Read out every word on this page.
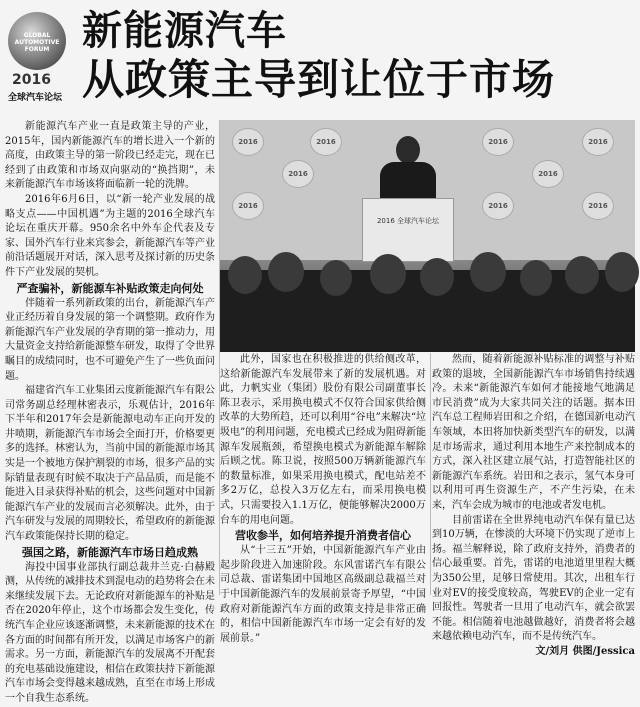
GLOBAL AUTOMOTIVE FORUM
2016
全球汽车论坛
新能源汽车
从政策主导到让位于市场

新能源汽车产业一直是政策主导的产业，2015年，国内新能源汽车的增长进入一个新的高度，由政策主导的第一阶段已经走完，现在已经到了由政策和市场双向驱动的“换挡期”，未来新能源汽车市场该将面临新一轮的洗牌。

2016年6月6日，以“新一轮产业发展的战略支点——中国机遇”为主题的2016全球汽车论坛在重庆开幕。950余名中外车企代表及专家、国外汽车行业来宾参会，新能源汽车等产业前沿话题展开对话，深入思考及探讨新的历史条件下产业发展的契机。

严查骗补，新能源车补贴政策走向何处

伴随着一系列新政策的出台，新能源汽车产业正经历着自身发展的第一个调整期。政府作为新能源汽车产业发展的孕育期的第一推动力，用大量资金支持给新能源整车研发，取得了令世界瞩目的成绩同时，也不可避免产生了一些负面问题。

福建省汽车工业集团云度新能源汽车有限公司常务副总经理林密表示，乐观估计，2016年下半年和2017年会是新能源电动车正向开发的井喷期，新能源汽车市场会全面打开，价格要更多的选择。林密认为，当前中国的新能源市场其实是一个被地方保护割裂的市场，很多产品的实际销量表现有时候不取决于产品品质，而是能不能进入目录获得补贴的机会，这些问题对中国新能源汽车产业的发展而言必须解决。此外，由于汽车研发与发展的周期较长，希望政府的新能源汽车政策能保持长期的稳定。

强国之路，新能源汽车市场日趋成熟

海投中国事业部执行副总裁井兰克·白赫殿测，从传统的减排技术到混电动的趋势将会在未来继续发展下去。无论政府对新能源车的补贴是否在2020年停止，这个市场都会发生变化，传统汽车企业应该逐渐调整，未来新能源的技术在各方面的时间都有所开发，以满足市场客户的新需求。另一方面，新能源汽车的发展离不开配套的充电基础设施建设，相信在政策扶持下新能源汽车市场会变得越来越成熟，直至在市场上形成一个自我生态系统。

2016
2016
2016
2016	2016
2016
2016
2016	2016
2016 全球汽车论坛

此外，国家也在积极推进的供给侧改革，这给新能源汽车发展带来了新的发展机遇。对此，力帆实业（集团）股份有限公司副董事长陈卫表示，采用换电模式不仅符合国家供给侧改革的大势所趋，还可以利用“谷电”来解决“垃圾电”的利用问题，充电模式已经成为阻碍新能源车发展瓶颈，希望换电模式为新能源车解除后顾之忧。陈卫说，按照500万辆新能源汽车的数量标准，如果采用换电模式，配电站差不多2万亿，总投入3万亿左右，而采用换电模式，只需要投入1.1万亿，便能够解决2000万台车的用电问题。

营收参半，如何培养提升消费者信心

从“十三五”开始，中国新能源汽车产业由起步阶段进入加速阶段。东风雷诺汽车有限公司总裁、雷诺集团中国地区高级副总裁福兰对于中国新能源汽车的发展前景寄予厚望，“中国政府对新能源汽车方面的政策支持是非常正确的，相信中国新能源汽车市场一定会有好的发展前景。”

然而，随着新能源补贴标准的调整与补贴政策的退坡，全国新能源汽车市场销售持续遇冷。未来“新能源汽车如何才能接地气地满足市民消费”成为大家共同关注的话题。据本田汽车总工程师岩田和之介绍，在德国新电动汽车领域，本田将加快新类型汽车的研发，以满足市场需求，通过利用本地生产来控制成本的方式，深入社区建立展气站，打造智能社区的新能源汽车系统。岩田和之表示，氢气本身可以利用可再生资源生产，不产生污染，在未来，汽车会成为城市的电池或者发电机。

目前雷诺在全世界纯电动汽车保有量已达到10万辆，在惨淡的大环境下仍实现了逆市上扬。福兰解释说，除了政府支持外，消费者的信心最重要。首先，雷诺的电池道里里程大概为350公里，足够日常使用。其次，出租车行业对EV的接受度较高，驾驶EV的企业一定有回报性。驾驶者一旦用了电动汽车，就会欲罢不能。相信随着电池越做越好，消费者将会越来越依赖电动汽车，而不是传统汽车。

文/刘月 供图/Jessica
